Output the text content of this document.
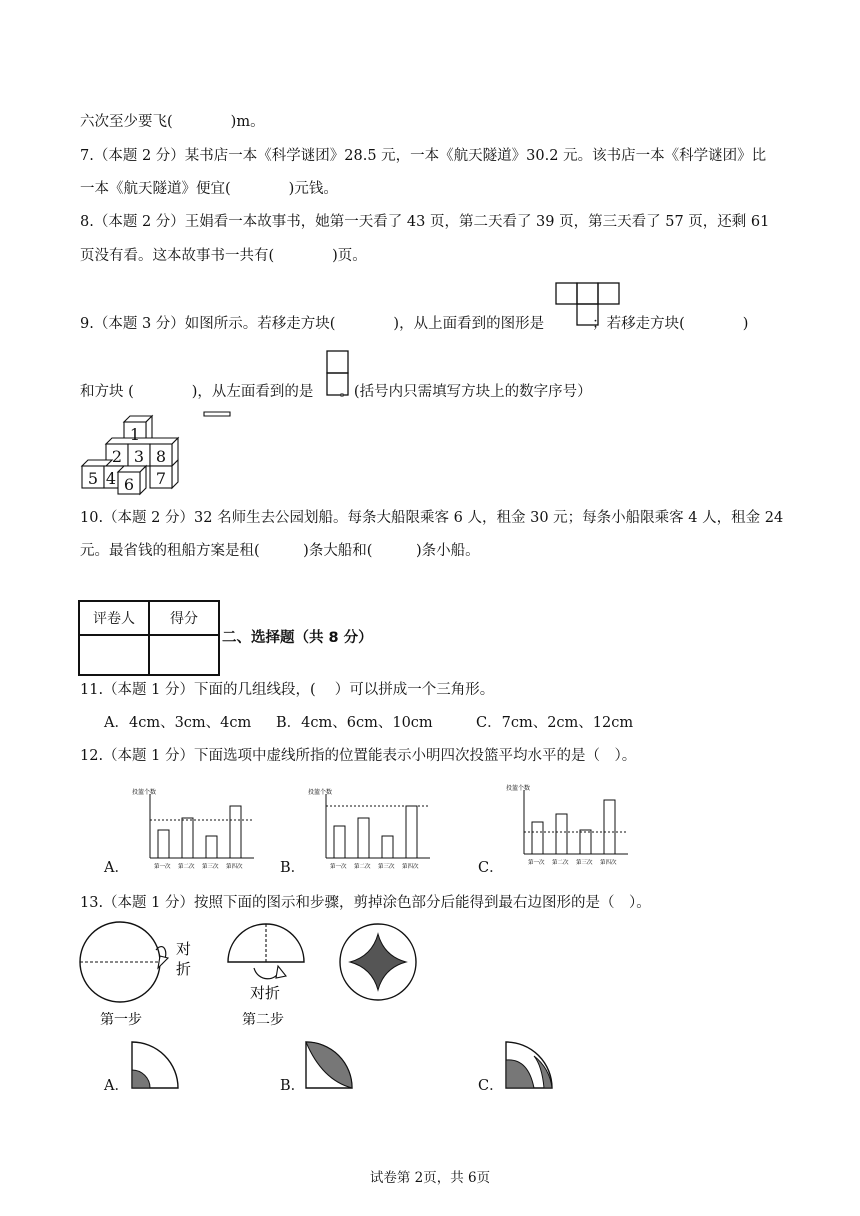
六次至少要飞(　　　　)m。
7.（本题 2 分）某书店一本《科学谜团》28.5 元，一本《航天隧道》30.2 元。该书店一本《科学谜团》比
一本《航天隧道》便宜(　　　　)元钱。
8.（本题 2 分）王娟看一本故事书，她第一天看了 43 页，第二天看了 39 页，第三天看了 57 页，还剩 61
页没有看。这本故事书一共有(　　　　)页。
9.（本题 3 分）如图所示。若移走方块(　　　　)，从上面看到的图形是	；若移走方块(　　　　)
和方块 (　　　　)，从左面看到的是 。(括号内只需填写方块上的数字序号）
1
2 3 8
5 4 6 7
10.（本题 2 分）32 名师生去公园划船。每条大船限乘客 6 人，租金 30 元；每条小船限乘客 4 人，租金 24
元。最省钱的租船方案是租(　　　)条大船和(　　　)条小船。
评卷人	得分

二、选择题（共 8 分）
11.（本题 1 分）下面的几组线段，(　 ）可以拼成一个三角形。
A．4cm、3cm、4cm B．4cm、6cm、10cm	C．7cm、2cm、12cm
12.（本题 1 分）下面选项中虚线所指的位置能表示小明四次投篮平均水平的是（　）。
A．	B．	C．
投篮个数
第一次 第二次 第三次 第四次
投篮个数
第一次 第二次 第三次 第四次
投篮个数
第一次 第二次 第三次 第四次
13.（本题 1 分）按照下面的图示和步骤，剪掉涂色部分后能得到最右边图形的是（　）。
对
折
第一步
对折
第二步
A．	B．	C．
试卷第 2页，共 6页
